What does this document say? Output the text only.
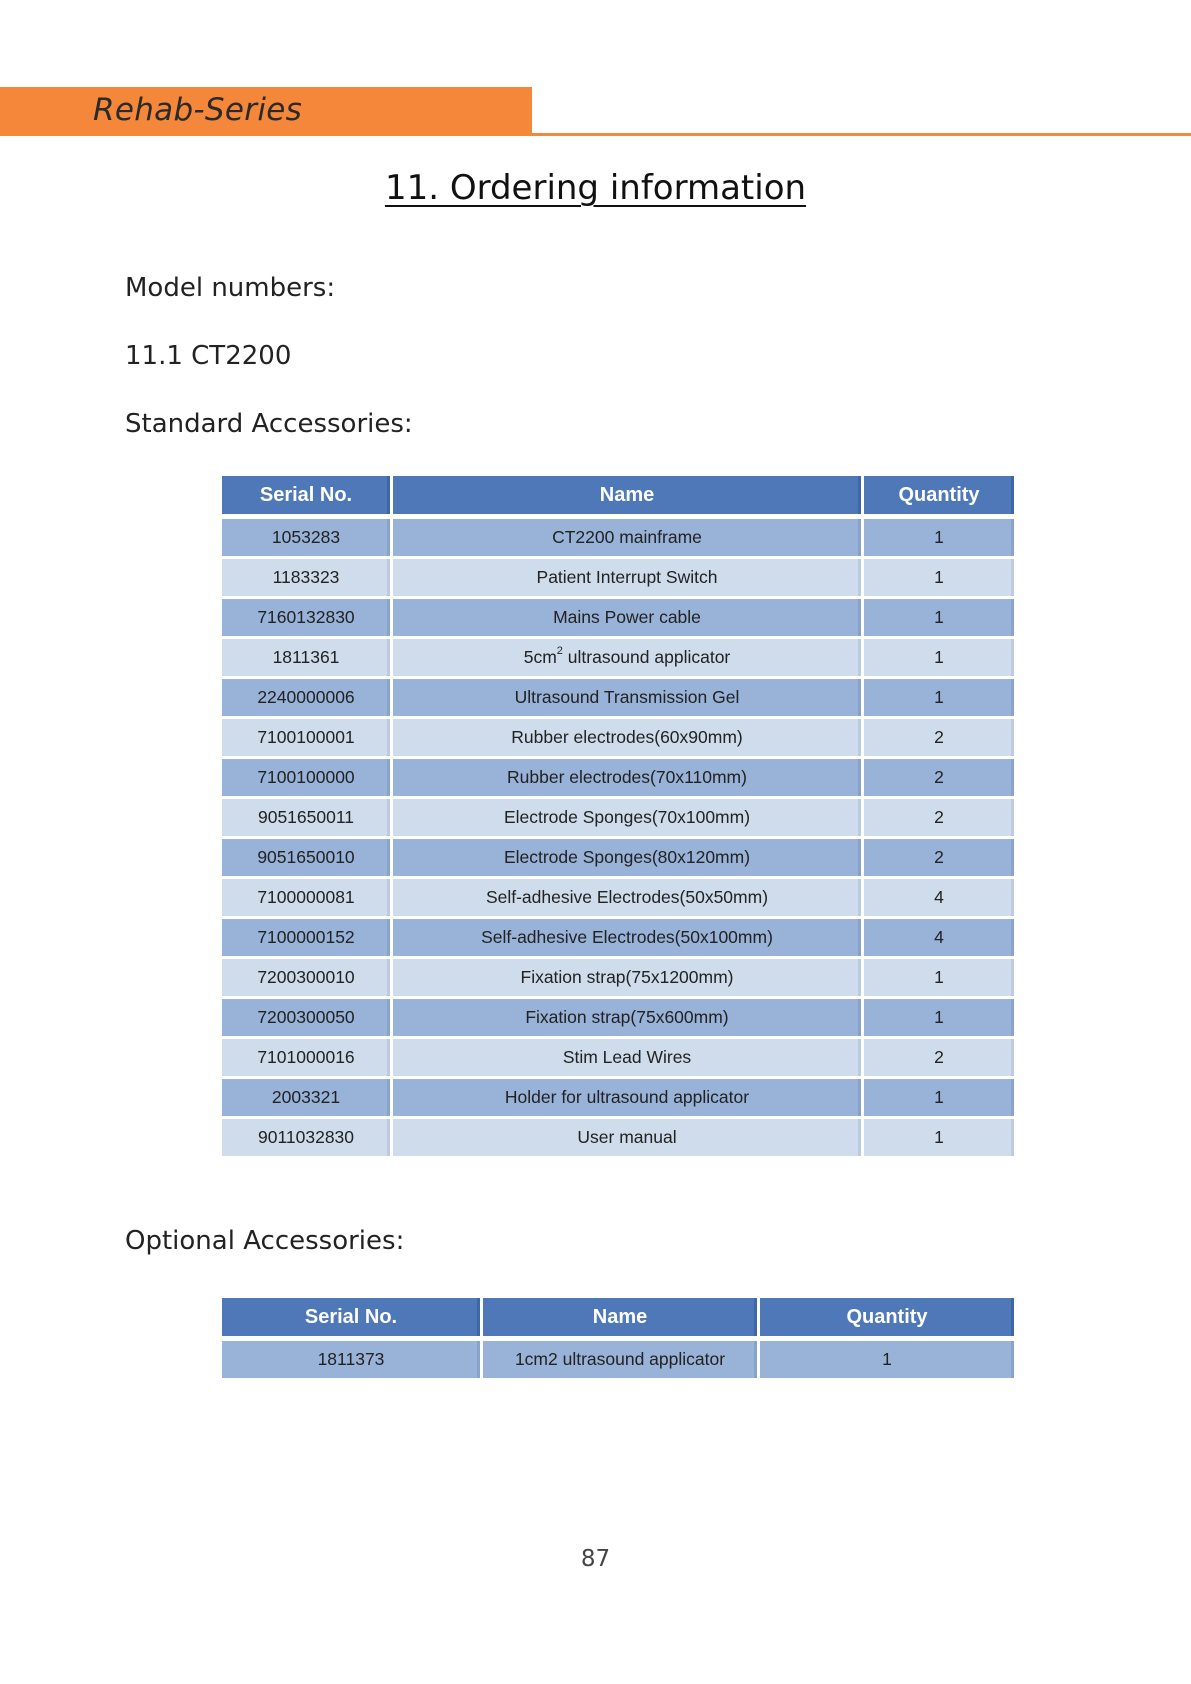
Rehab-Series
11. Ordering information
Model numbers:
11.1 CT2200
Standard Accessories:
Serial No.	Name	Quantity

1053283	CT2200 mainframe	1
1183323	Patient Interrupt Switch	1
7160132830	Mains Power cable	1
1811361	$5cm^2$ ultrasound applicator	1
2240000006	Ultrasound Transmission Gel	1
7100100001	Rubber electrodes(60x90mm)	2
7100100000	Rubber electrodes(70x110mm)	2
9051650011	Electrode Sponges(70x100mm)	2
9051650010	Electrode Sponges(80x120mm)	2
7100000081	Self-adhesive Electrodes(50x50mm)	4
7100000152	Self-adhesive Electrodes(50x100mm)	4
7200300010	Fixation strap(75x1200mm)	1
7200300050	Fixation strap(75x600mm)	1
7101000016	Stim Lead Wires	2
2003321	Holder for ultrasound applicator	1
9011032830	User manual	1
Optional Accessories:
Serial No.	Name	Quantity

1811373	1cm2 ultrasound applicator	1
87
